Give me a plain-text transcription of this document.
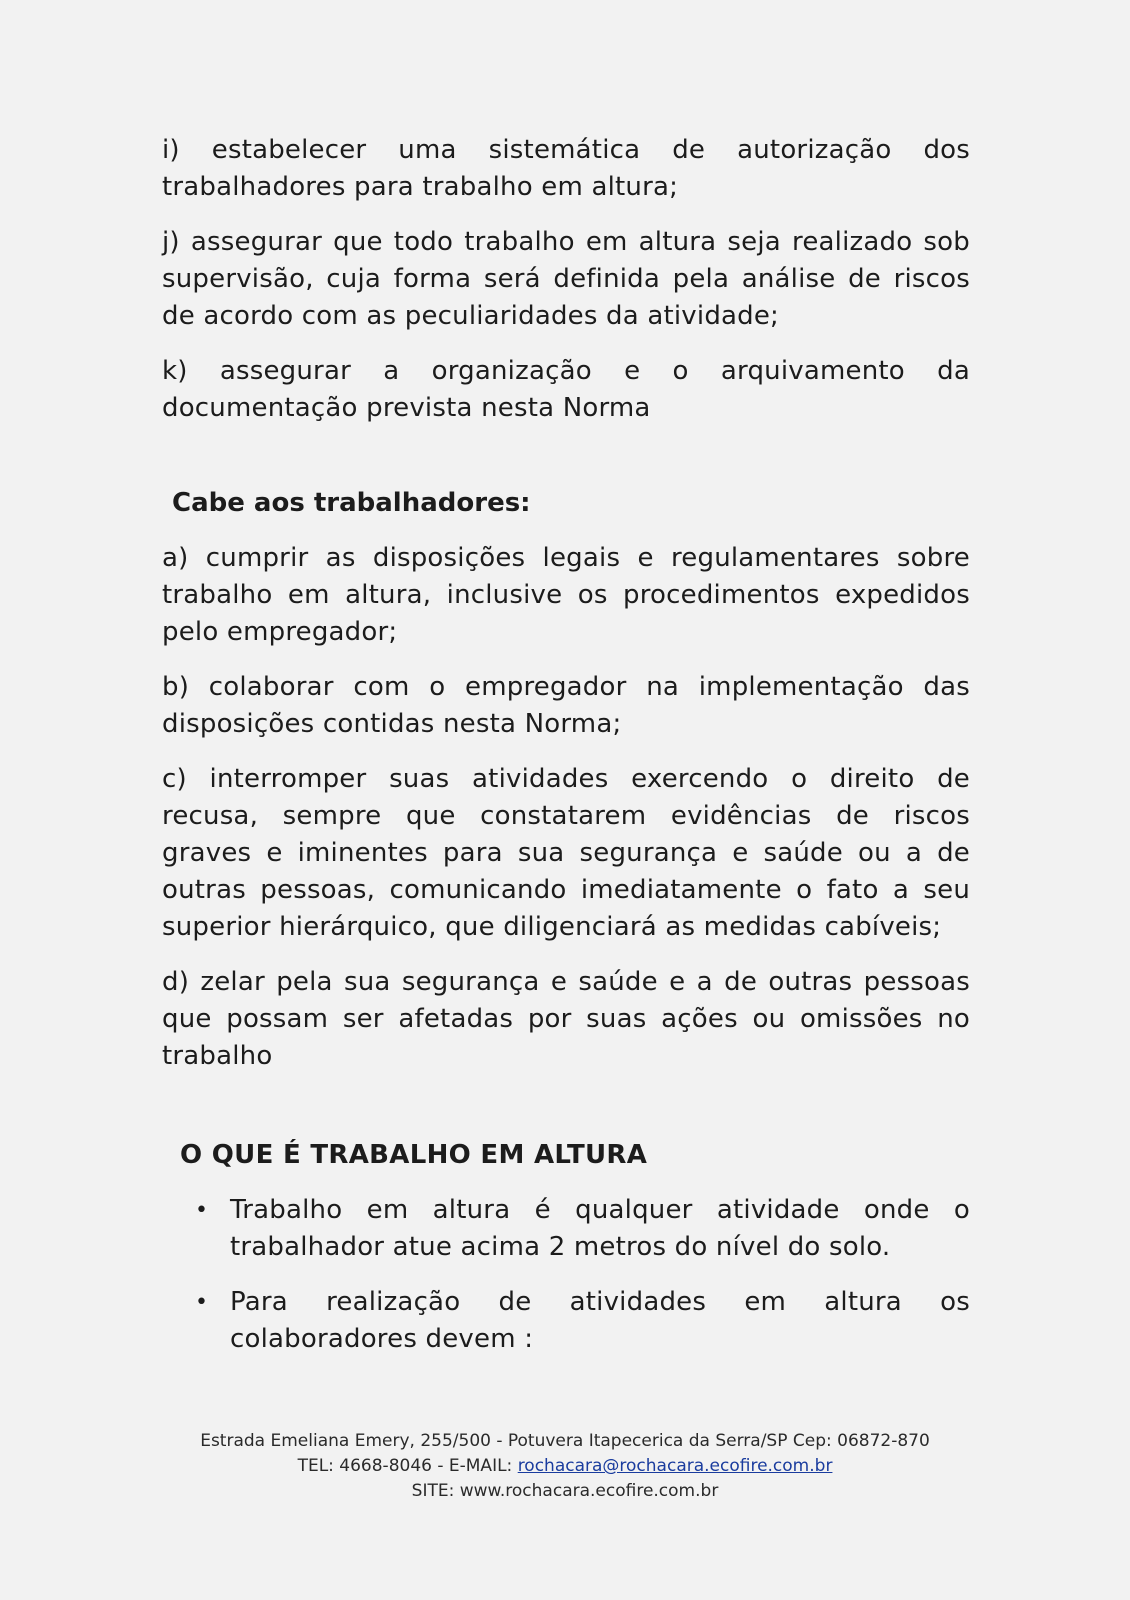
i) estabelecer uma sistemática de autorização dos trabalhadores para trabalho em altura;

j) assegurar que todo trabalho em altura seja realizado sob supervisão, cuja forma será definida pela análise de riscos de acordo com as peculiaridades da atividade;

k) assegurar a organização e o arquivamento da documentação prevista nesta Norma

Cabe aos trabalhadores:

a) cumprir as disposições legais e regulamentares sobre trabalho em altura, inclusive os procedimentos expedidos pelo empregador;

b) colaborar com o empregador na implementação das disposições contidas nesta Norma;

c) interromper suas atividades exercendo o direito de recusa, sempre que constatarem evidências de riscos graves e iminentes para sua segurança e saúde ou a de outras pessoas, comunicando imediatamente o fato a seu superior hierárquico, que diligenciará as medidas cabíveis;

d) zelar pela sua segurança e saúde e a de outras pessoas que possam ser afetadas por suas ações ou omissões no trabalho

O QUE É TRABALHO EM ALTURA
• Trabalho em altura é qualquer atividade onde o trabalhador atue acima 2 metros do nível do solo.
• Para realização de atividades em altura os colaboradores devem :
Estrada Emeliana Emery, 255/500 - Potuvera Itapecerica da Serra/SP Cep: 06872-870
TEL: 4668-8046 - E-MAIL: rochacara@rochacara.ecofire.com.br
SITE: www.rochacara.ecofire.com.br
